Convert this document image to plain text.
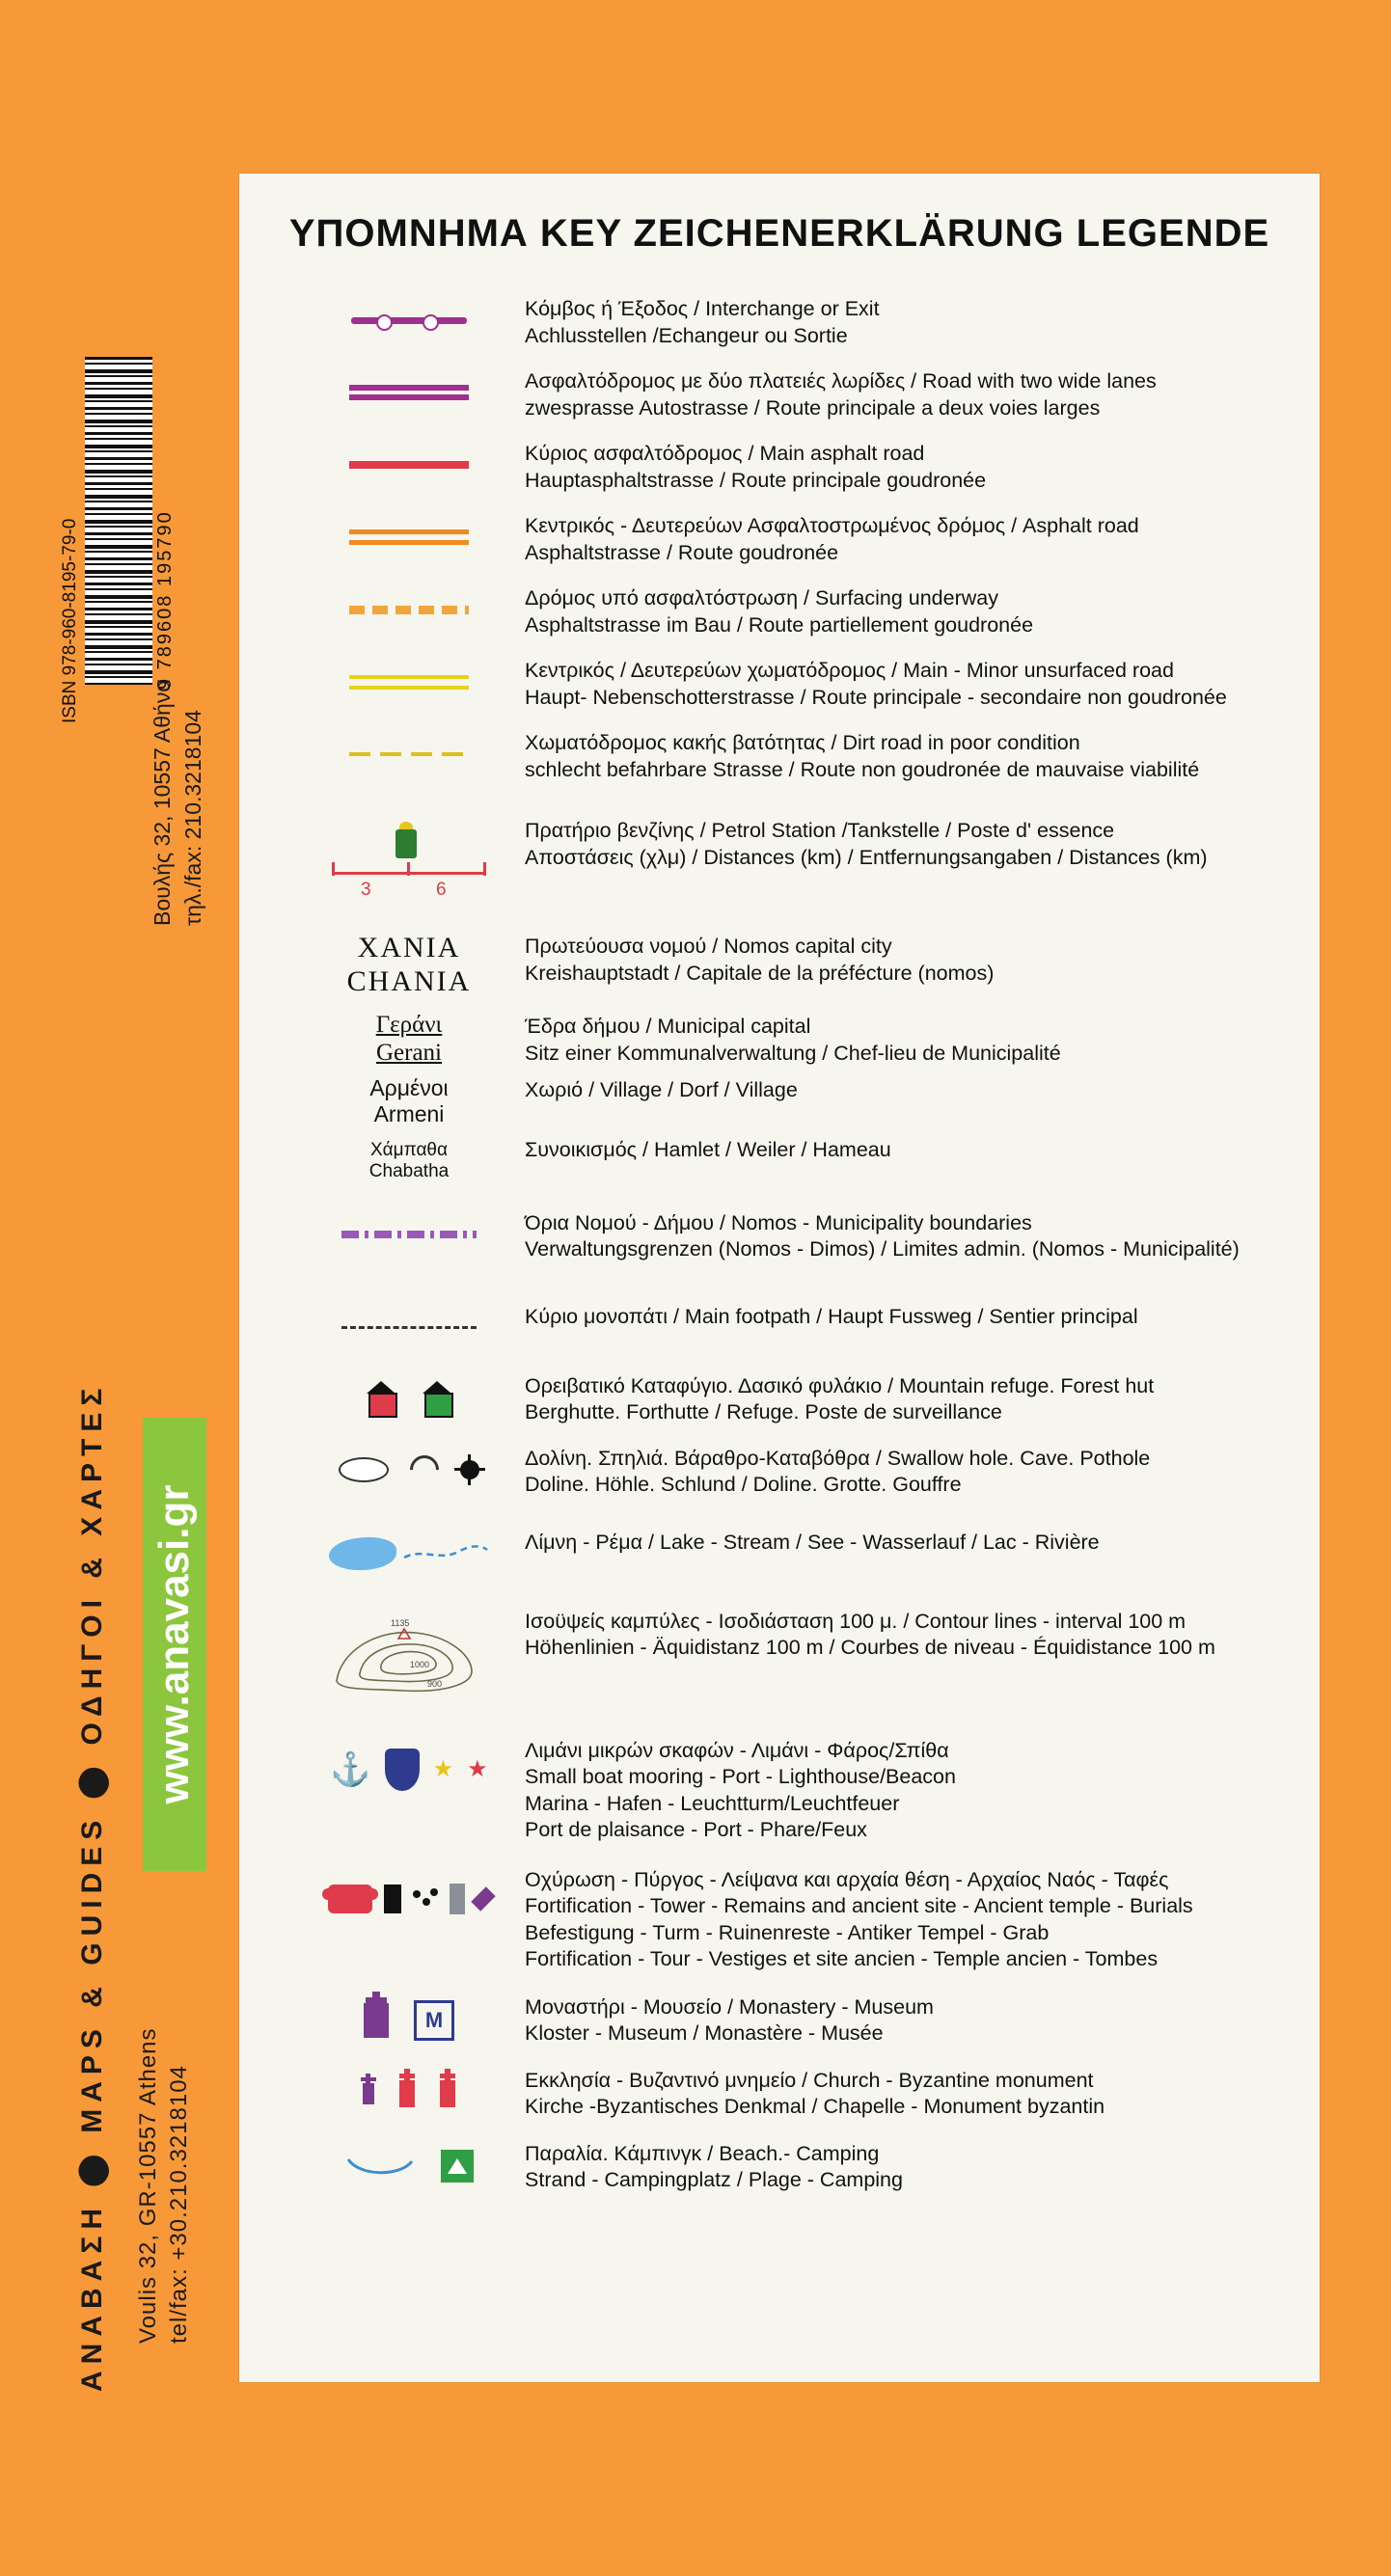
ISBN 978-960-8195-79-0	9 789608 195790
ΑΝΑΒΑΣΗ ⬤ MAPS & GUIDES ⬤ ΟΔΗΓΟΙ & ΧΑΡΤΕΣ Voulis 32, GR-10557 Athens tel/fax: +30.210.3218104
Βουλής 32, 10557 Αθήνα τηλ./fax: 210.3218104
www.anavasi.gr
ΥΠΟΜΝΗΜΑ KEY ZEICHENERKLÄRUNG LEGENDE
Κόμβος ή Έξοδος / Interchange or Exit
Achlusstellen /Echangeur ou Sortie
Ασφαλτόδρομος με δύο πλατειές λωρίδες / Road with two wide lanes
zwesprasse Autostrasse / Route principale a deux voies larges
Κύριος ασφαλτόδρομος / Main asphalt road
Hauptasphaltstrasse / Route principale goudronée
Κεντρικός - Δευτερεύων Ασφαλτοστρωμένος δρόμος / Asphalt road
Asphaltstrasse / Route goudronée
Δρόμος υπό ασφαλτόστρωση / Surfacing underway
Asphaltstrasse im Bau / Route partiellement goudronée
Κεντρικός / Δευτερεύων χωματόδρομος / Main - Minor unsurfaced road
Haupt- Nebenschotterstrasse / Route principale - secondaire non goudronée
Χωματόδρομος κακής βατότητας / Dirt road in poor condition
schlecht befahrbare Strasse / Route non goudronée de mauvaise viabilité
3	6
Πρατήριο βενζίνης / Petrol Station /Tankstelle / Poste d' essence
Αποστάσεις (χλμ) / Distances (km) / Entfernungsangaben / Distances (km)
XANIA
CHANIA
Πρωτεύουσα νομού / Nomos capital city
Kreishauptstadt / Capitale de la préfécture (nomos)
Γεράνι
Gerani
Έδρα δήμου / Municipal capital
Sitz einer Kommunalverwaltung / Chef-lieu de Municipalité
Αρμένοι
Armeni
Χωριό / Village / Dorf / Village
Χάμπαθα
Chabatha
Συνοικισμός / Hamlet / Weiler / Hameau
Όρια Νομού - Δήμου / Nomos - Municipality boundaries
Verwaltungsgrenzen (Nomos - Dimos) / Limites admin. (Nomos - Municipalité)
Κύριο μονοπάτι / Main footpath / Haupt Fussweg / Sentier principal
Ορειβατικό Καταφύγιο. Δασικό φυλάκιο / Mountain refuge. Forest hut
Berghutte. Forthutte / Refuge. Poste de surveillance
Δολίνη. Σπηλιά. Βάραθρο-Καταβόθρα / Swallow hole. Cave. Pothole
Doline. Höhle. Schlund / Doline. Grotte. Gouffre
Λίμνη - Ρέμα / Lake - Stream / See - Wasserlauf / Lac - Rivière
1135
1000
900
Ισοϋψείς καμπύλες - Ισοδιάσταση 100 μ. / Contour lines - interval 100 m
Höhenlinien - Äquidistanz 100 m / Courbes de niveau - Équidistance 100 m
⚓	★ ★
Λιμάνι μικρών σκαφών - Λιμάνι - Φάρος/Σπίθα
Small boat mooring - Port - Lighthouse/Beacon
Marina - Hafen - Leuchtturm/Leuchtfeuer
Port de plaisance - Port - Phare/Feux
Οχύρωση - Πύργος - Λείψανα και αρχαία θέση - Αρχαίος Ναός - Ταφές
Fortification - Tower - Remains and ancient site - Ancient temple - Burials
Befestigung - Turm - Ruinenreste - Antiker Tempel - Grab
Fortification - Tour - Vestiges et site ancien - Temple ancien - Tombes
M
Μοναστήρι - Μουσείο / Monastery - Museum
Kloster - Museum / Monastère - Musée
Εκκλησία - Βυζαντινό μνημείο / Church - Byzantine monument
Kirche -Byzantisches Denkmal / Chapelle - Monument byzantin
Παραλία. Κάμπινγκ / Beach.- Camping
Strand - Campingplatz / Plage - Camping
